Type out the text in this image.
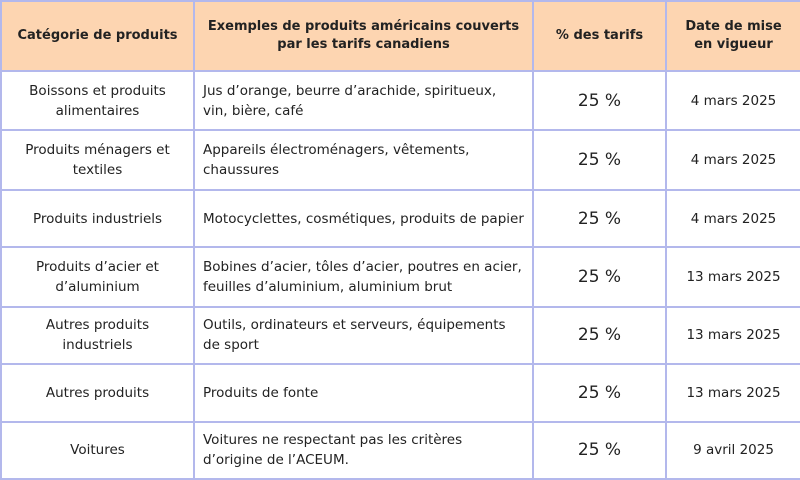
Catégorie de produits	Exemples de produits américains couverts par les tarifs canadiens	% des tarifs	Date de mise en vigueur
Boissons et produits alimentaires	Jus d’orange, beurre d’arachide, spiritueux, vin, bière, café	25 %	4 mars 2025
Produits ménagers et textiles	Appareils électroménagers, vêtements, chaussures	25 %	4 mars 2025
Produits industriels	Motocyclettes, cosmétiques, produits de papier	25 %	4 mars 2025
Produits d’acier et d’aluminium	Bobines d’acier, tôles d’acier, poutres en acier, feuilles d’aluminium, aluminium brut	25 %	13 mars 2025
Autres produits industriels	Outils, ordinateurs et serveurs, équipements de sport	25 %	13 mars 2025
Autres produits	Produits de fonte	25 %	13 mars 2025
Voitures	Voitures ne respectant pas les critères d’origine de l’ACEUM.	25 %	9 avril 2025
